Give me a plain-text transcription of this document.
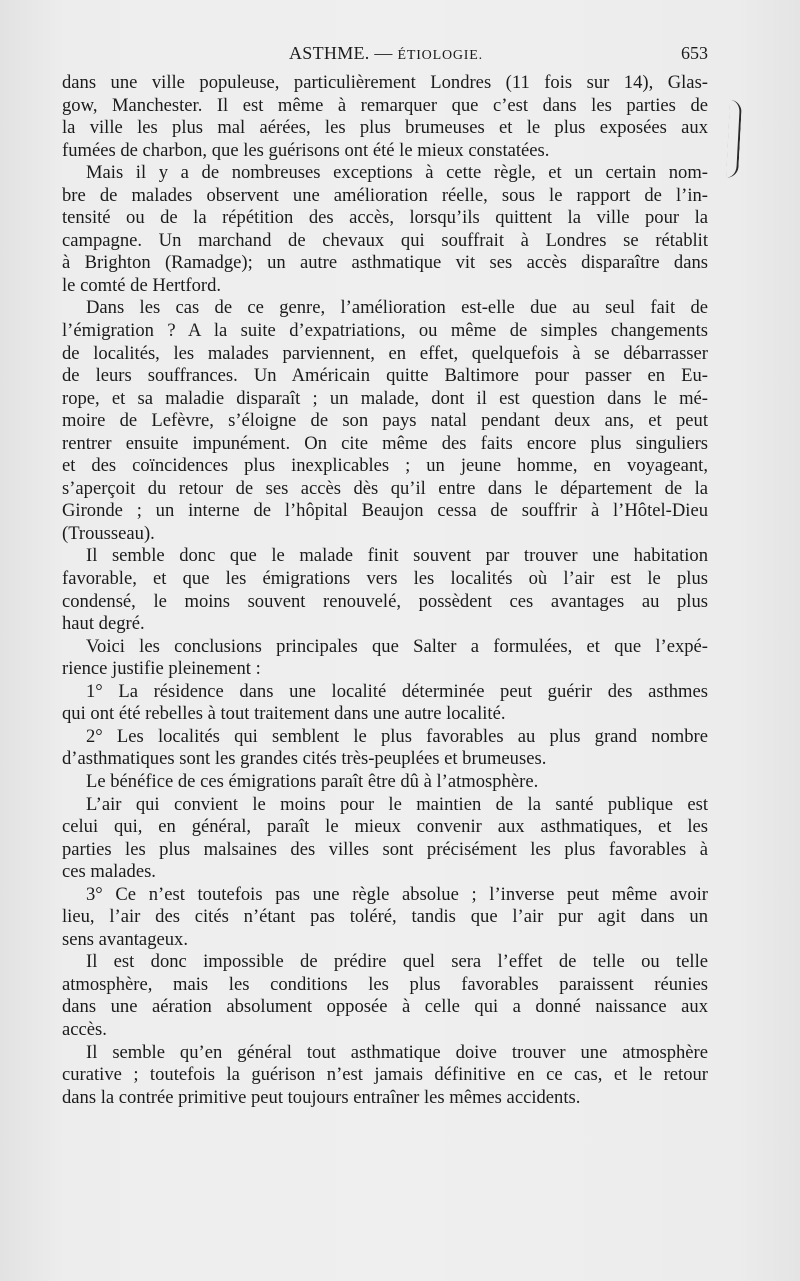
ASTHME. — ÉTIOLOGIE.	653
dans une ville populeuse, particulièrement Londres (11 fois sur 14), Glas-
gow, Manchester. Il est même à remarquer que c’est dans les parties de
la ville les plus mal aérées, les plus brumeuses et le plus exposées aux
fumées de charbon, que les guérisons ont été le mieux constatées.
Mais il y a de nombreuses exceptions à cette règle, et un certain nom-
bre de malades observent une amélioration réelle, sous le rapport de l’in-
tensité ou de la répétition des accès, lorsqu’ils quittent la ville pour la
campagne. Un marchand de chevaux qui souffrait à Londres se rétablit
à Brighton (Ramadge); un autre asthmatique vit ses accès disparaître dans
le comté de Hertford.
Dans les cas de ce genre, l’amélioration est-elle due au seul fait de
l’émigration ? A la suite d’expatriations, ou même de simples changements
de localités, les malades parviennent, en effet, quelquefois à se débarrasser
de leurs souffrances. Un Américain quitte Baltimore pour passer en Eu-
rope, et sa maladie disparaît ; un malade, dont il est question dans le mé-
moire de Lefèvre, s’éloigne de son pays natal pendant deux ans, et peut
rentrer ensuite impunément. On cite même des faits encore plus singuliers
et des coïncidences plus inexplicables ; un jeune homme, en voyageant,
s’aperçoit du retour de ses accès dès qu’il entre dans le département de la
Gironde ; un interne de l’hôpital Beaujon cessa de souffrir à l’Hôtel-Dieu
(Trousseau).
Il semble donc que le malade finit souvent par trouver une habitation
favorable, et que les émigrations vers les localités où l’air est le plus
condensé, le moins souvent renouvelé, possèdent ces avantages au plus
haut degré.
Voici les conclusions principales que Salter a formulées, et que l’expé-
rience justifie pleinement :
1° La résidence dans une localité déterminée peut guérir des asthmes
qui ont été rebelles à tout traitement dans une autre localité.
2° Les localités qui semblent le plus favorables au plus grand nombre
d’asthmatiques sont les grandes cités très-peuplées et brumeuses.
Le bénéfice de ces émigrations paraît être dû à l’atmosphère.
L’air qui convient le moins pour le maintien de la santé publique est
celui qui, en général, paraît le mieux convenir aux asthmatiques, et les
parties les plus malsaines des villes sont précisément les plus favorables à
ces malades.
3° Ce n’est toutefois pas une règle absolue ; l’inverse peut même avoir
lieu, l’air des cités n’étant pas toléré, tandis que l’air pur agit dans un
sens avantageux.
Il est donc impossible de prédire quel sera l’effet de telle ou telle
atmosphère, mais les conditions les plus favorables paraissent réunies
dans une aération absolument opposée à celle qui a donné naissance aux
accès.
Il semble qu’en général tout asthmatique doive trouver une atmosphère
curative ; toutefois la guérison n’est jamais définitive en ce cas, et le retour
dans la contrée primitive peut toujours entraîner les mêmes accidents.
